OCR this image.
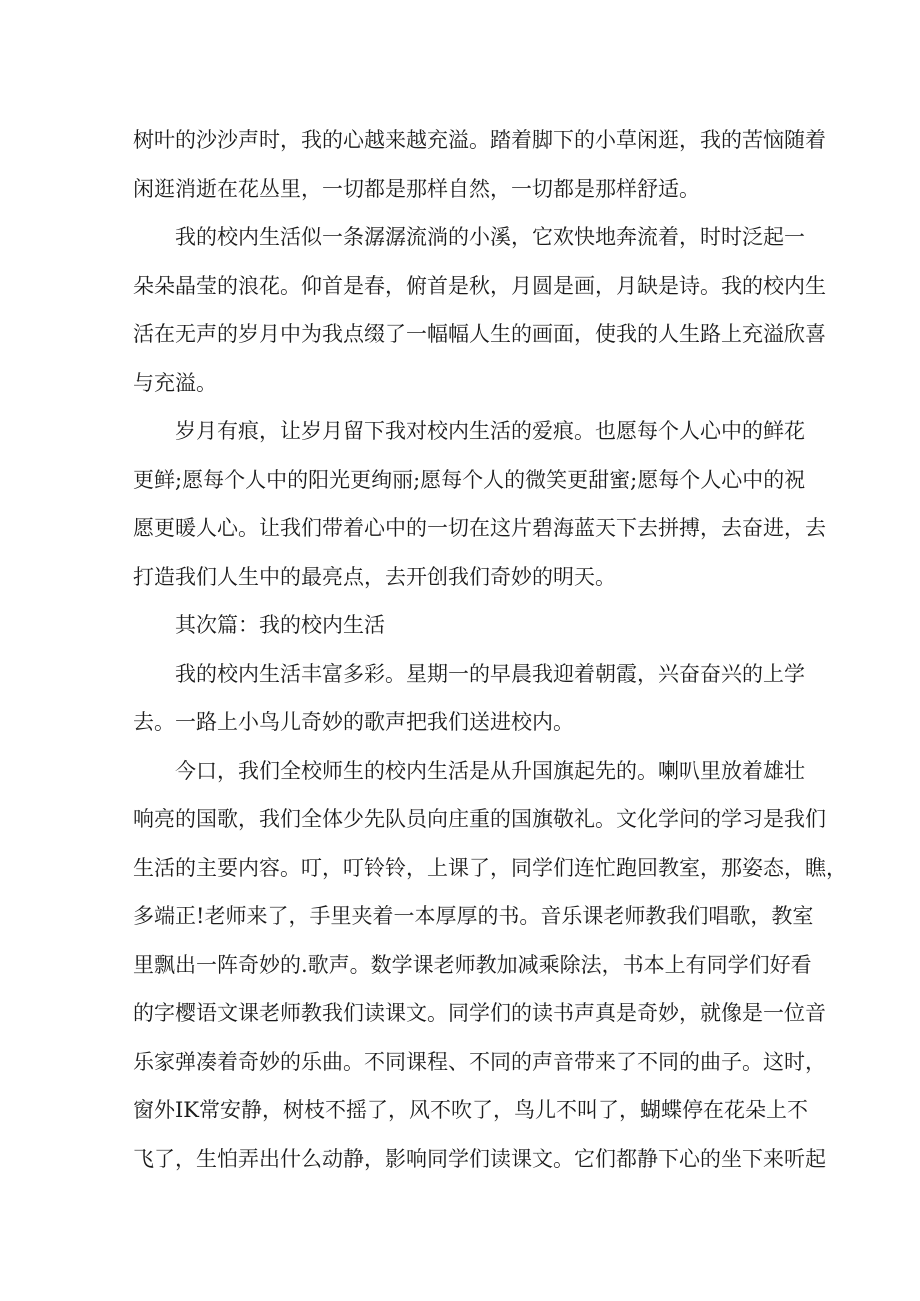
树叶的沙沙声时，我的心越来越充溢。踏着脚下的小草闲逛，我的苦恼随着
闲逛消逝在花丛里，一切都是那样自然，一切都是那样舒适。
我的校内生活似一条潺潺流淌的小溪，它欢快地奔流着，时时泛起一
朵朵晶莹的浪花。仰首是春，俯首是秋，月圆是画，月缺是诗。我的校内生
活在无声的岁月中为我点缀了一幅幅人生的画面，使我的人生路上充溢欣喜
与充溢。
岁月有痕，让岁月留下我对校内生活的爱痕。也愿每个人心中的鲜花
更鲜;愿每个人中的阳光更绚丽;愿每个人的微笑更甜蜜;愿每个人心中的祝
愿更暖人心。让我们带着心中的一切在这片碧海蓝天下去拼搏，去奋进，去
打造我们人生中的最亮点，去开创我们奇妙的明天。
其次篇：我的校内生活
我的校内生活丰富多彩。星期一的早晨我迎着朝霞，兴奋奋兴的上学
去。一路上小鸟儿奇妙的歌声把我们送进校内。
今口，我们全校师生的校内生活是从升国旗起先的。喇叭里放着雄壮
响亮的国歌，我们全体少先队员向庄重的国旗敬礼。文化学问的学习是我们
生活的主要内容。叮，叮铃铃，上课了，同学们连忙跑回教室，那姿态，瞧，
多端正!老师来了，手里夹着一本厚厚的书。音乐课老师教我们唱歌，教室
里飘出一阵奇妙的.歌声。数学课老师教加减乘除法，书本上有同学们好看
的字樱语文课老师教我们读课文。同学们的读书声真是奇妙，就像是一位音
乐家弹凑着奇妙的乐曲。不同课程、不同的声音带来了不同的曲子。这时，
窗外IK常安静，树枝不摇了，风不吹了，鸟儿不叫了，蝴蝶停在花朵上不
飞了，生怕弄出什么动静，影响同学们读课文。它们都静下心的坐下来听起
